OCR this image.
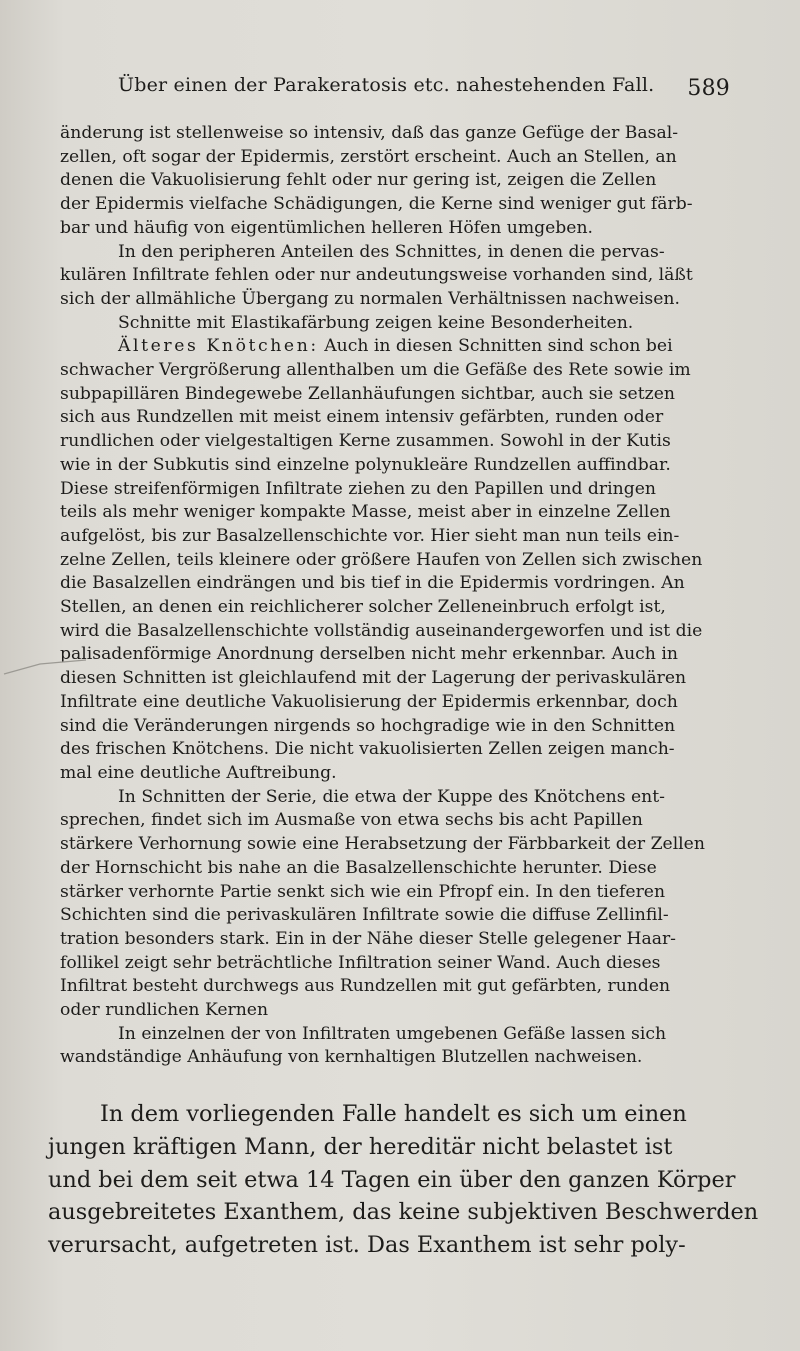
Über einen der Parakeratosis etc. nahestehenden Fall. 589

änderung ist stellenweise so intensiv, daß das ganze Gefüge der Basal-
zellen, oft sogar der Epidermis, zerstört erscheint. Auch an Stellen, an
denen die Vakuolisierung fehlt oder nur gering ist, zeigen die Zellen
der Epidermis vielfache Schädigungen, die Kerne sind weniger gut färb-
bar und häufig von eigentümlichen helleren Höfen umgeben.

In den peripheren Anteilen des Schnittes, in denen die pervas-
kulären Infiltrate fehlen oder nur andeutungsweise vorhanden sind, läßt
sich der allmähliche Übergang zu normalen Verhältnissen nachweisen.

Schnitte mit Elastikafärbung zeigen keine Besonderheiten.

Älteres Knötchen: Auch in diesen Schnitten sind schon bei
schwacher Vergrößerung allenthalben um die Gefäße des Rete sowie im
subpapillären Bindegewebe Zellanhäufungen sichtbar, auch sie setzen
sich aus Rundzellen mit meist einem intensiv gefärbten, runden oder
rundlichen oder vielgestaltigen Kerne zusammen. Sowohl in der Kutis
wie in der Subkutis sind einzelne polynukleäre Rundzellen auffindbar.
Diese streifenförmigen Infiltrate ziehen zu den Papillen und dringen
teils als mehr weniger kompakte Masse, meist aber in einzelne Zellen
aufgelöst, bis zur Basalzellenschichte vor. Hier sieht man nun teils ein-
zelne Zellen, teils kleinere oder größere Haufen von Zellen sich zwischen
die Basalzellen eindrängen und bis tief in die Epidermis vordringen. An
Stellen, an denen ein reichlicherer solcher Zelleneinbruch erfolgt ist,
wird die Basalzellenschichte vollständig auseinandergeworfen und ist die
palisadenförmige Anordnung derselben nicht mehr erkennbar. Auch in
diesen Schnitten ist gleichlaufend mit der Lagerung der perivaskulären
Infiltrate eine deutliche Vakuolisierung der Epidermis erkennbar, doch
sind die Veränderungen nirgends so hochgradige wie in den Schnitten
des frischen Knötchens. Die nicht vakuolisierten Zellen zeigen manch-
mal eine deutliche Auftreibung.

In Schnitten der Serie, die etwa der Kuppe des Knötchens ent-
sprechen, findet sich im Ausmaße von etwa sechs bis acht Papillen
stärkere Verhornung sowie eine Herabsetzung der Färbbarkeit der Zellen
der Hornschicht bis nahe an die Basalzellenschichte herunter. Diese
stärker verhornte Partie senkt sich wie ein Pfropf ein. In den tieferen
Schichten sind die perivaskulären Infiltrate sowie die diffuse Zellinfil-
tration besonders stark. Ein in der Nähe dieser Stelle gelegener Haar-
follikel zeigt sehr beträchtliche Infiltration seiner Wand. Auch dieses
Infiltrat besteht durchwegs aus Rundzellen mit gut gefärbten, runden
oder rundlichen Kernen

In einzelnen der von Infiltraten umgebenen Gefäße lassen sich
wandständige Anhäufung von kernhaltigen Blutzellen nachweisen.

In dem vorliegenden Falle handelt es sich um einen
jungen kräftigen Mann, der hereditär nicht belastet ist
und bei dem seit etwa 14 Tagen ein über den ganzen Körper
ausgebreitetes Exanthem, das keine subjektiven Beschwerden
verursacht, aufgetreten ist. Das Exanthem ist sehr poly-
